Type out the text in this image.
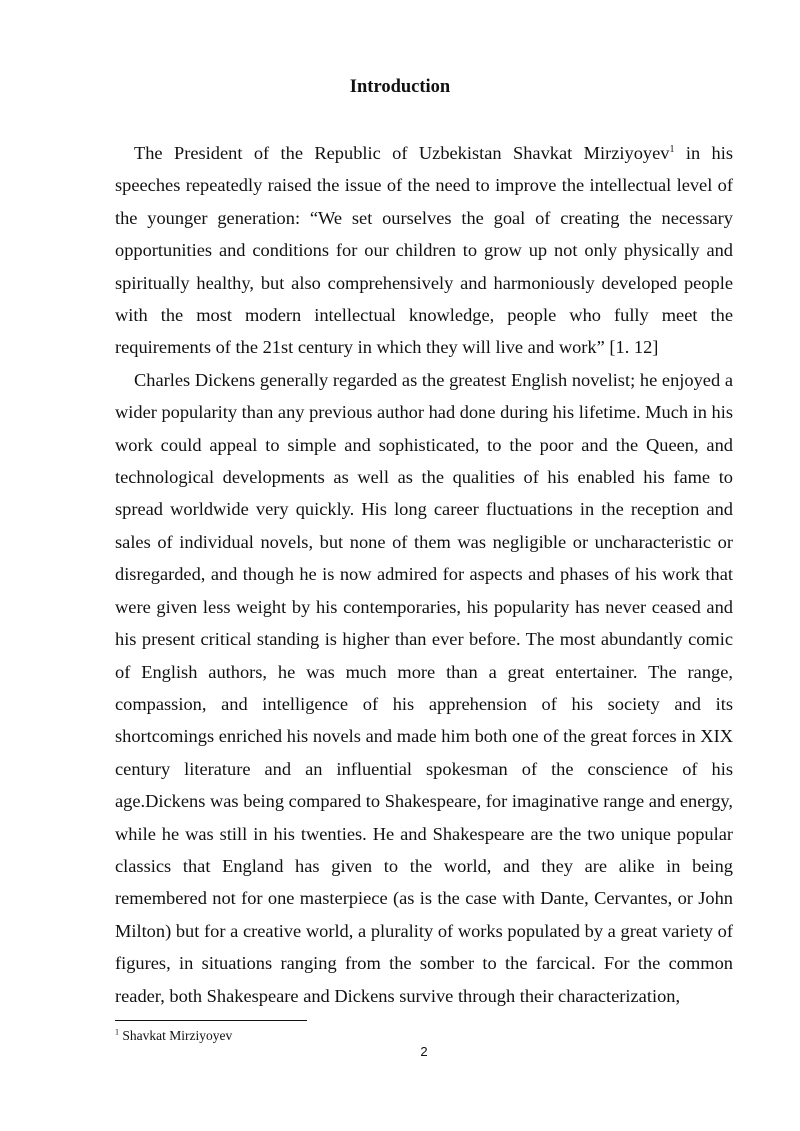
Introduction

The President of the Republic of Uzbekistan Shavkat Mirziyoyev$^1$ in his speeches repeatedly raised the issue of the need to improve the intellectual level of the younger generation: “We set ourselves the goal of creating the necessary opportunities and conditions for our children to grow up not only physically and spiritually healthy, but also comprehensively and harmoniously developed people with the most modern intellectual knowledge, people who fully meet the requirements of the 21st century in which they will live and work” [1. 12]

Charles Dickens generally regarded as the greatest English novelist; he enjoyed a wider popularity than any previous author had done during his lifetime. Much in his work could appeal to simple and sophisticated, to the poor and the Queen, and technological developments as well as the qualities of his enabled his fame to spread worldwide very quickly. His long career fluctuations in the reception and sales of individual novels, but none of them was negligible or uncharacteristic or disregarded, and though he is now admired for aspects and phases of his work that were given less weight by his contemporaries, his popularity has never ceased and his present critical standing is higher than ever before. The most abundantly comic of English authors, he was much more than a great entertainer. The range, compassion, and intelligence of his apprehension of his society and its shortcomings enriched his novels and made him both one of the great forces in XIX century literature and an influential spokesman of the conscience of his age.Dickens was being compared to Shakespeare, for imaginative range and energy, while he was still in his twenties. He and Shakespeare are the two unique popular classics that England has given to the world, and they are alike in being remembered not for one masterpiece (as is the case with Dante, Cervantes, or John Milton) but for a creative world, a plurality of works populated by a great variety of figures, in situations ranging from the somber to the farcical. For the common reader, both Shakespeare and Dickens survive through their characterization,

$^1$ Shavkat Mirziyoyev
2
